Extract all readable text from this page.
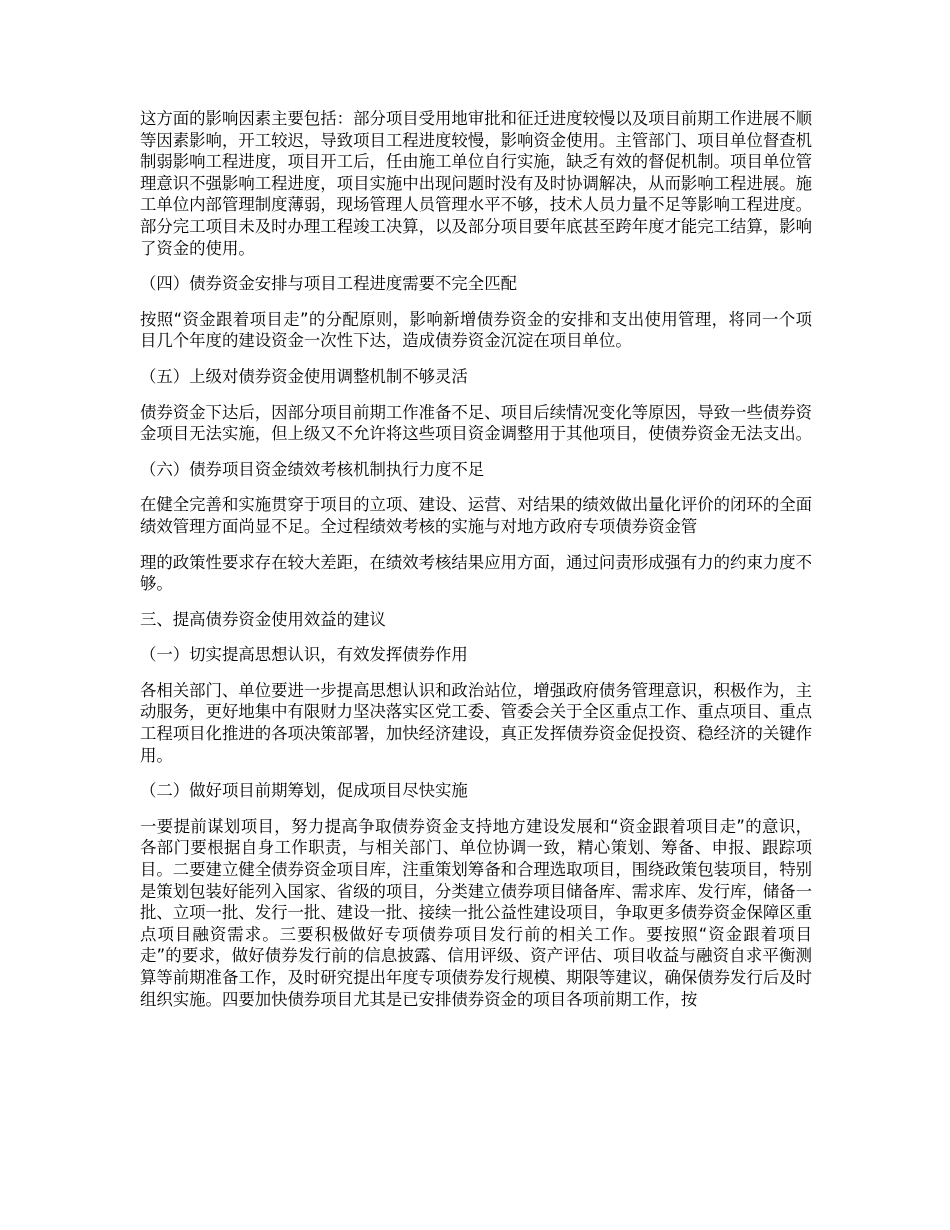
这方面的影响因素主要包括：部分项目受用地审批和征迁进度较慢以及项目前期工作进展不顺等因素影响，开工较迟，导致项目工程进度较慢，影响资金使用。主管部门、项目单位督查机制弱影响工程进度，项目开工后，任由施工单位自行实施，缺乏有效的督促机制。项目单位管理意识不强影响工程进度，项目实施中出现问题时没有及时协调解决，从而影响工程进展。施工单位内部管理制度薄弱，现场管理人员管理水平不够，技术人员力量不足等影响工程进度。部分完工项目未及时办理工程竣工决算，以及部分项目要年底甚至跨年度才能完工结算，影响了资金的使用。

（四）债券资金安排与项目工程进度需要不完全匹配

按照“资金跟着项目走”的分配原则，影响新增债券资金的安排和支出使用管理，将同一个项目几个年度的建设资金一次性下达，造成债券资金沉淀在项目单位。

（五）上级对债券资金使用调整机制不够灵活

债券资金下达后，因部分项目前期工作准备不足、项目后续情况变化等原因，导致一些债券资金项目无法实施，但上级又不允许将这些项目资金调整用于其他项目，使债券资金无法支出。

（六）债券项目资金绩效考核机制执行力度不足

在健全完善和实施贯穿于项目的立项、建设、运营、对结果的绩效做出量化评价的闭环的全面绩效管理方面尚显不足。全过程绩效考核的实施与对地方政府专项债券资金管

理的政策性要求存在较大差距，在绩效考核结果应用方面，通过问责形成强有力的约束力度不够。

三、提高债券资金使用效益的建议

（一）切实提高思想认识，有效发挥债券作用

各相关部门、单位要进一步提高思想认识和政治站位，增强政府债务管理意识，积极作为，主动服务，更好地集中有限财力坚决落实区党工委、管委会关于全区重点工作、重点项目、重点工程项目化推进的各项决策部署，加快经济建设，真正发挥债券资金促投资、稳经济的关键作用。

（二）做好项目前期筹划，促成项目尽快实施

一要提前谋划项目，努力提高争取债券资金支持地方建设发展和“资金跟着项目走”的意识，各部门要根据自身工作职责，与相关部门、单位协调一致，精心策划、筹备、申报、跟踪项目。二要建立健全债券资金项目库，注重策划筹备和合理选取项目，围绕政策包装项目，特别是策划包装好能列入国家、省级的项目，分类建立债券项目储备库、需求库、发行库，储备一批、立项一批、发行一批、建设一批、接续一批公益性建设项目，争取更多债券资金保障区重点项目融资需求。三要积极做好专项债券项目发行前的相关工作。要按照“资金跟着项目走”的要求，做好债券发行前的信息披露、信用评级、资产评估、项目收益与融资自求平衡测算等前期准备工作，及时研究提出年度专项债券发行规模、期限等建议，确保债券发行后及时组织实施。四要加快债券项目尤其是已安排债券资金的项目各项前期工作，按
